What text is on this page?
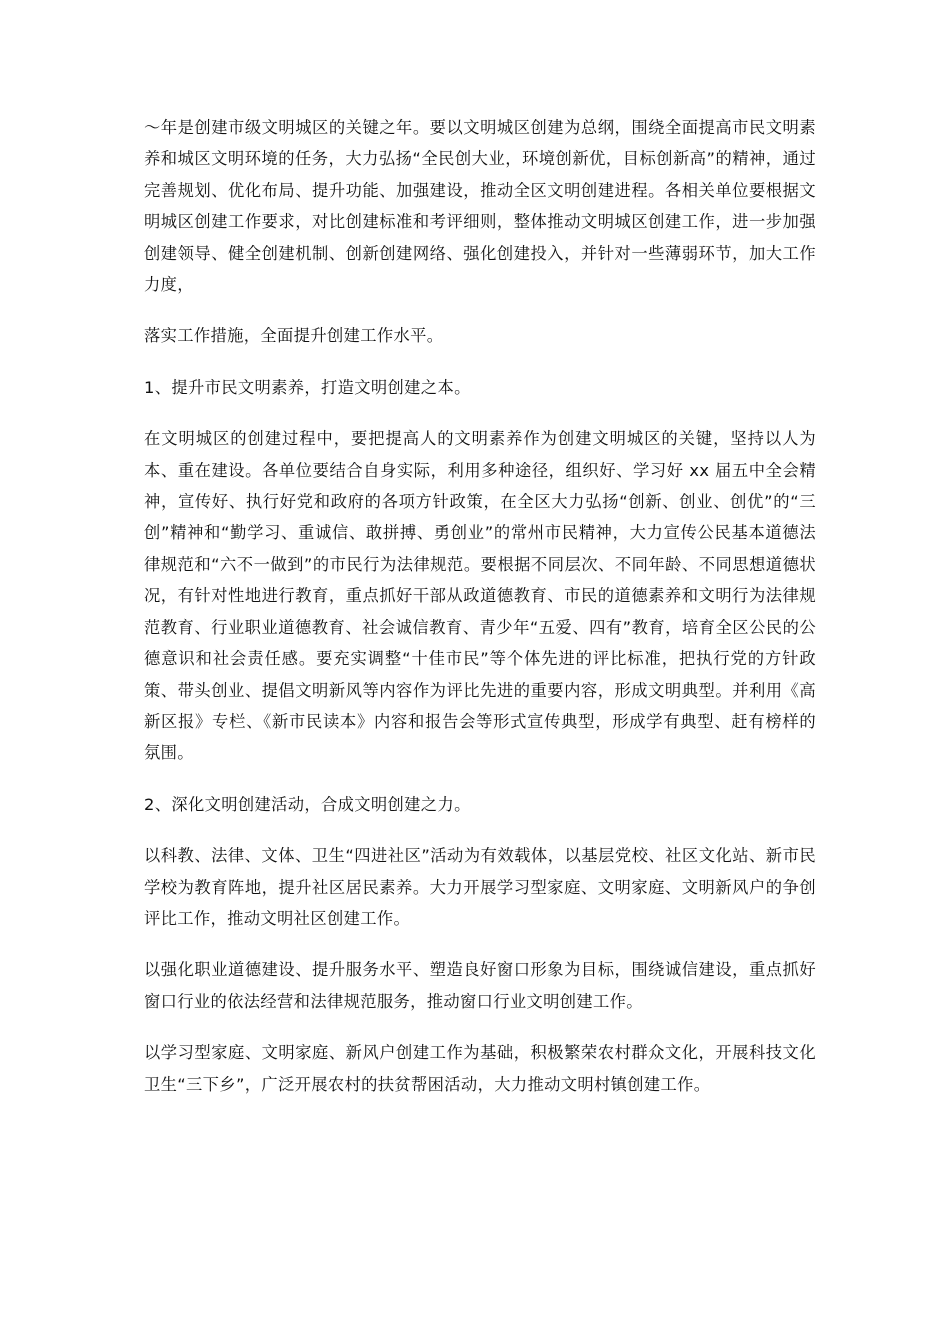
～年是创建市级文明城区的关键之年。要以文明城区创建为总纲，围绕全面提高市民文明素养和城区文明环境的任务，大力弘扬“全民创大业，环境创新优，目标创新高”的精神，通过完善规划、优化布局、提升功能、加强建设，推动全区文明创建进程。各相关单位要根据文明城区创建工作要求，对比创建标准和考评细则，整体推动文明城区创建工作，进一步加强创建领导、健全创建机制、创新创建网络、强化创建投入，并针对一些薄弱环节，加大工作力度，

落实工作措施，全面提升创建工作水平。

1、提升市民文明素养，打造文明创建之本。

在文明城区的创建过程中，要把提高人的文明素养作为创建文明城区的关键，坚持以人为本、重在建设。各单位要结合自身实际，利用多种途径，组织好、学习好 xx 届五中全会精神，宣传好、执行好党和政府的各项方针政策，在全区大力弘扬“创新、创业、创优”的“三创”精神和“勤学习、重诚信、敢拼搏、勇创业”的常州市民精神，大力宣传公民基本道德法律规范和“六不一做到”的市民行为法律规范。要根据不同层次、不同年龄、不同思想道德状况，有针对性地进行教育，重点抓好干部从政道德教育、市民的道德素养和文明行为法律规范教育、行业职业道德教育、社会诚信教育、青少年“五爱、四有”教育，培育全区公民的公德意识和社会责任感。要充实调整“十佳市民”等个体先进的评比标准，把执行党的方针政策、带头创业、提倡文明新风等内容作为评比先进的重要内容，形成文明典型。并利用《高新区报》专栏、《新市民读本》内容和报告会等形式宣传典型，形成学有典型、赶有榜样的氛围。

2、深化文明创建活动，合成文明创建之力。

以科教、法律、文体、卫生“四进社区”活动为有效载体，以基层党校、社区文化站、新市民学校为教育阵地，提升社区居民素养。大力开展学习型家庭、文明家庭、文明新风户的争创评比工作，推动文明社区创建工作。

以强化职业道德建设、提升服务水平、塑造良好窗口形象为目标，围绕诚信建设，重点抓好窗口行业的依法经营和法律规范服务，推动窗口行业文明创建工作。

以学习型家庭、文明家庭、新风户创建工作为基础，积极繁荣农村群众文化，开展科技文化卫生“三下乡”，广泛开展农村的扶贫帮困活动，大力推动文明村镇创建工作。
